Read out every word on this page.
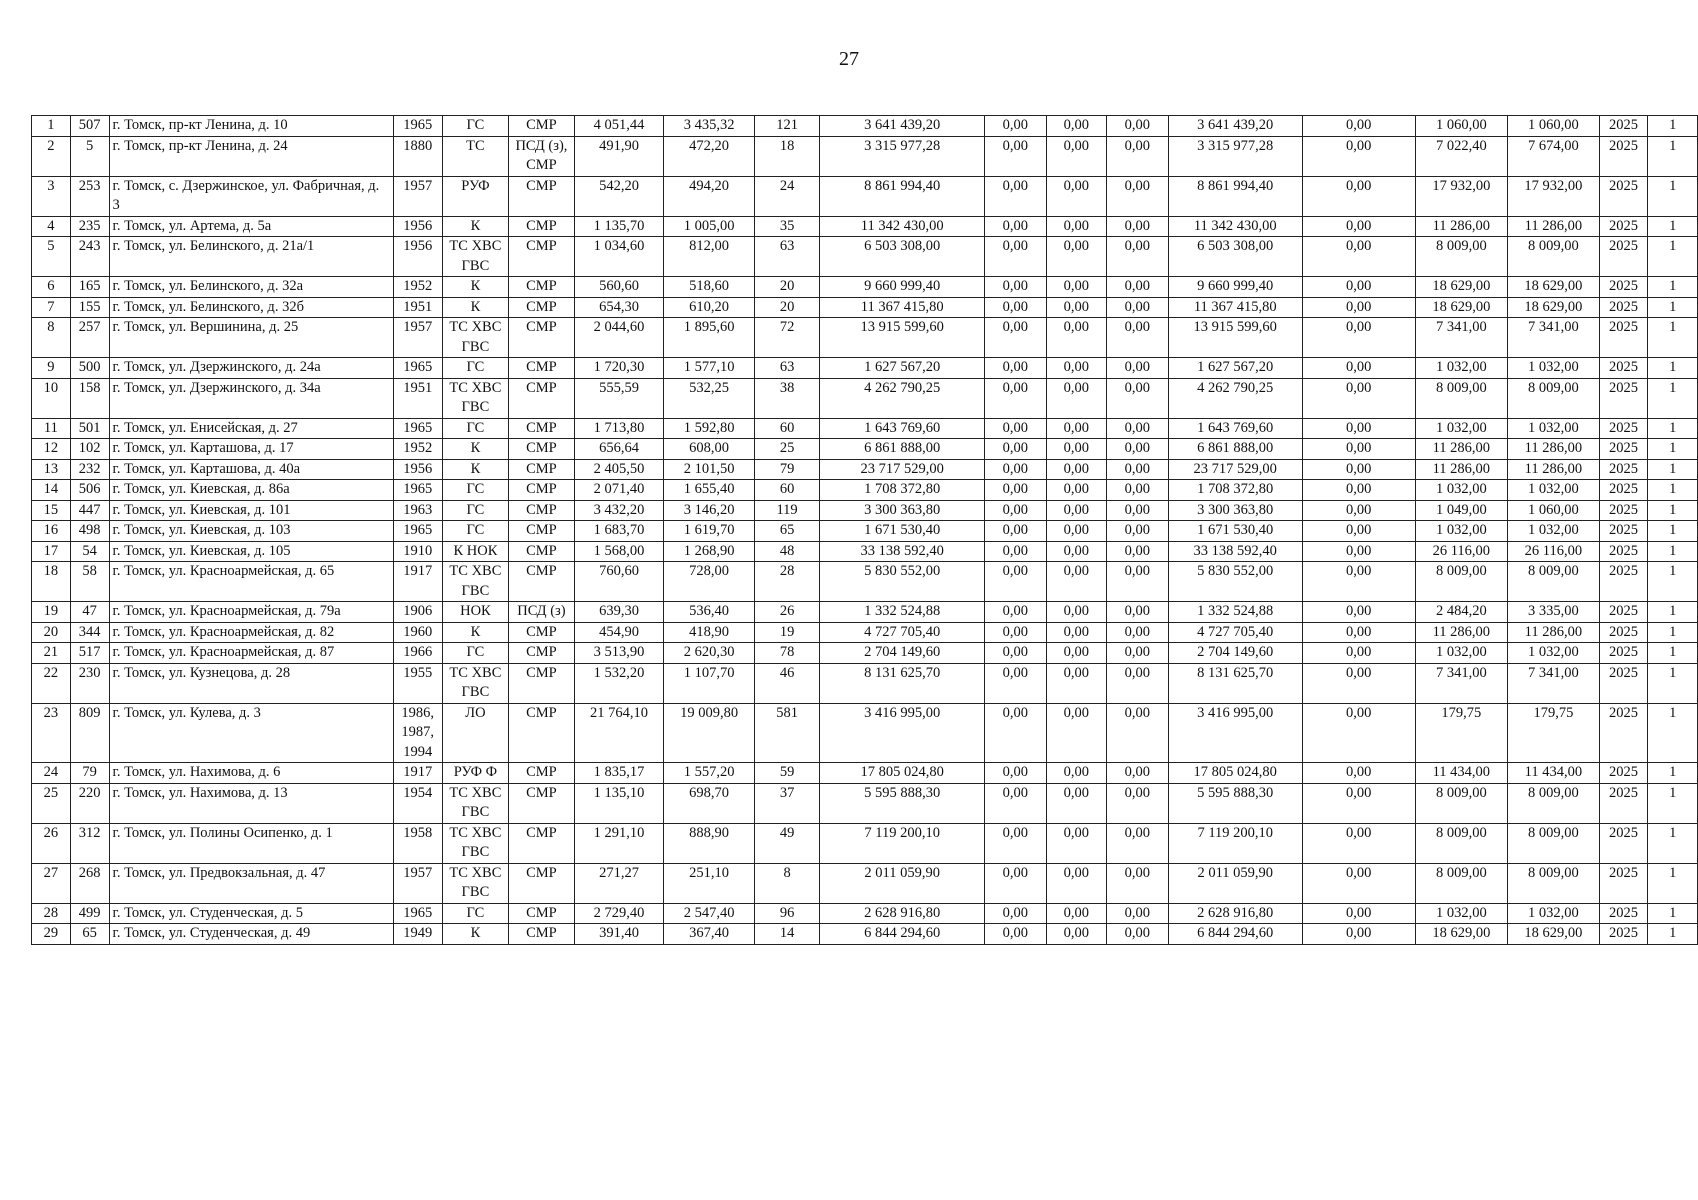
27
1	507	г. Томск, пр-кт Ленина, д. 10	1965	ГС	СМР	4 051,44	3 435,32	121	3 641 439,20	0,00	0,00	0,00	3 641 439,20	0,00	1 060,00	1 060,00	2025	1
2	5	г. Томск, пр-кт Ленина, д. 24	1880	ТС	ПСД (з), СМР	491,90	472,20	18	3 315 977,28	0,00	0,00	0,00	3 315 977,28	0,00	7 022,40	7 674,00	2025	1
3	253	г. Томск, с. Дзержинское, ул. Фабричная, д. 3	1957	РУФ	СМР	542,20	494,20	24	8 861 994,40	0,00	0,00	0,00	8 861 994,40	0,00	17 932,00	17 932,00	2025	1
4	235	г. Томск, ул. Артема, д. 5а	1956	К	СМР	1 135,70	1 005,00	35	11 342 430,00	0,00	0,00	0,00	11 342 430,00	0,00	11 286,00	11 286,00	2025	1
5	243	г. Томск, ул. Белинского, д. 21а/1	1956	ТС ХВС ГВС	СМР	1 034,60	812,00	63	6 503 308,00	0,00	0,00	0,00	6 503 308,00	0,00	8 009,00	8 009,00	2025	1
6	165	г. Томск, ул. Белинского, д. 32а	1952	К	СМР	560,60	518,60	20	9 660 999,40	0,00	0,00	0,00	9 660 999,40	0,00	18 629,00	18 629,00	2025	1
7	155	г. Томск, ул. Белинского, д. 32б	1951	К	СМР	654,30	610,20	20	11 367 415,80	0,00	0,00	0,00	11 367 415,80	0,00	18 629,00	18 629,00	2025	1
8	257	г. Томск, ул. Вершинина, д. 25	1957	ТС ХВС ГВС	СМР	2 044,60	1 895,60	72	13 915 599,60	0,00	0,00	0,00	13 915 599,60	0,00	7 341,00	7 341,00	2025	1
9	500	г. Томск, ул. Дзержинского, д. 24а	1965	ГС	СМР	1 720,30	1 577,10	63	1 627 567,20	0,00	0,00	0,00	1 627 567,20	0,00	1 032,00	1 032,00	2025	1
10	158	г. Томск, ул. Дзержинского, д. 34а	1951	ТС ХВС ГВС	СМР	555,59	532,25	38	4 262 790,25	0,00	0,00	0,00	4 262 790,25	0,00	8 009,00	8 009,00	2025	1
11	501	г. Томск, ул. Енисейская, д. 27	1965	ГС	СМР	1 713,80	1 592,80	60	1 643 769,60	0,00	0,00	0,00	1 643 769,60	0,00	1 032,00	1 032,00	2025	1
12	102	г. Томск, ул. Карташова, д. 17	1952	К	СМР	656,64	608,00	25	6 861 888,00	0,00	0,00	0,00	6 861 888,00	0,00	11 286,00	11 286,00	2025	1
13	232	г. Томск, ул. Карташова, д. 40а	1956	К	СМР	2 405,50	2 101,50	79	23 717 529,00	0,00	0,00	0,00	23 717 529,00	0,00	11 286,00	11 286,00	2025	1
14	506	г. Томск, ул. Киевская, д. 86а	1965	ГС	СМР	2 071,40	1 655,40	60	1 708 372,80	0,00	0,00	0,00	1 708 372,80	0,00	1 032,00	1 032,00	2025	1
15	447	г. Томск, ул. Киевская, д. 101	1963	ГС	СМР	3 432,20	3 146,20	119	3 300 363,80	0,00	0,00	0,00	3 300 363,80	0,00	1 049,00	1 060,00	2025	1
16	498	г. Томск, ул. Киевская, д. 103	1965	ГС	СМР	1 683,70	1 619,70	65	1 671 530,40	0,00	0,00	0,00	1 671 530,40	0,00	1 032,00	1 032,00	2025	1
17	54	г. Томск, ул. Киевская, д. 105	1910	К НОК	СМР	1 568,00	1 268,90	48	33 138 592,40	0,00	0,00	0,00	33 138 592,40	0,00	26 116,00	26 116,00	2025	1
18	58	г. Томск, ул. Красноармейская, д. 65	1917	ТС ХВС ГВС	СМР	760,60	728,00	28	5 830 552,00	0,00	0,00	0,00	5 830 552,00	0,00	8 009,00	8 009,00	2025	1
19	47	г. Томск, ул. Красноармейская, д. 79а	1906	НОК	ПСД (з)	639,30	536,40	26	1 332 524,88	0,00	0,00	0,00	1 332 524,88	0,00	2 484,20	3 335,00	2025	1
20	344	г. Томск, ул. Красноармейская, д. 82	1960	К	СМР	454,90	418,90	19	4 727 705,40	0,00	0,00	0,00	4 727 705,40	0,00	11 286,00	11 286,00	2025	1
21	517	г. Томск, ул. Красноармейская, д. 87	1966	ГС	СМР	3 513,90	2 620,30	78	2 704 149,60	0,00	0,00	0,00	2 704 149,60	0,00	1 032,00	1 032,00	2025	1
22	230	г. Томск, ул. Кузнецова, д. 28	1955	ТС ХВС ГВС	СМР	1 532,20	1 107,70	46	8 131 625,70	0,00	0,00	0,00	8 131 625,70	0,00	7 341,00	7 341,00	2025	1
23	809	г. Томск, ул. Кулева, д. 3	1986, 1987, 1994	ЛО	СМР	21 764,10	19 009,80	581	3 416 995,00	0,00	0,00	0,00	3 416 995,00	0,00	179,75	179,75	2025	1
24	79	г. Томск, ул. Нахимова, д. 6	1917	РУФ Ф	СМР	1 835,17	1 557,20	59	17 805 024,80	0,00	0,00	0,00	17 805 024,80	0,00	11 434,00	11 434,00	2025	1
25	220	г. Томск, ул. Нахимова, д. 13	1954	ТС ХВС ГВС	СМР	1 135,10	698,70	37	5 595 888,30	0,00	0,00	0,00	5 595 888,30	0,00	8 009,00	8 009,00	2025	1
26	312	г. Томск, ул. Полины Осипенко, д. 1	1958	ТС ХВС ГВС	СМР	1 291,10	888,90	49	7 119 200,10	0,00	0,00	0,00	7 119 200,10	0,00	8 009,00	8 009,00	2025	1
27	268	г. Томск, ул. Предвокзальная, д. 47	1957	ТС ХВС ГВС	СМР	271,27	251,10	8	2 011 059,90	0,00	0,00	0,00	2 011 059,90	0,00	8 009,00	8 009,00	2025	1
28	499	г. Томск, ул. Студенческая, д. 5	1965	ГС	СМР	2 729,40	2 547,40	96	2 628 916,80	0,00	0,00	0,00	2 628 916,80	0,00	1 032,00	1 032,00	2025	1
29	65	г. Томск, ул. Студенческая, д. 49	1949	К	СМР	391,40	367,40	14	6 844 294,60	0,00	0,00	0,00	6 844 294,60	0,00	18 629,00	18 629,00	2025	1
